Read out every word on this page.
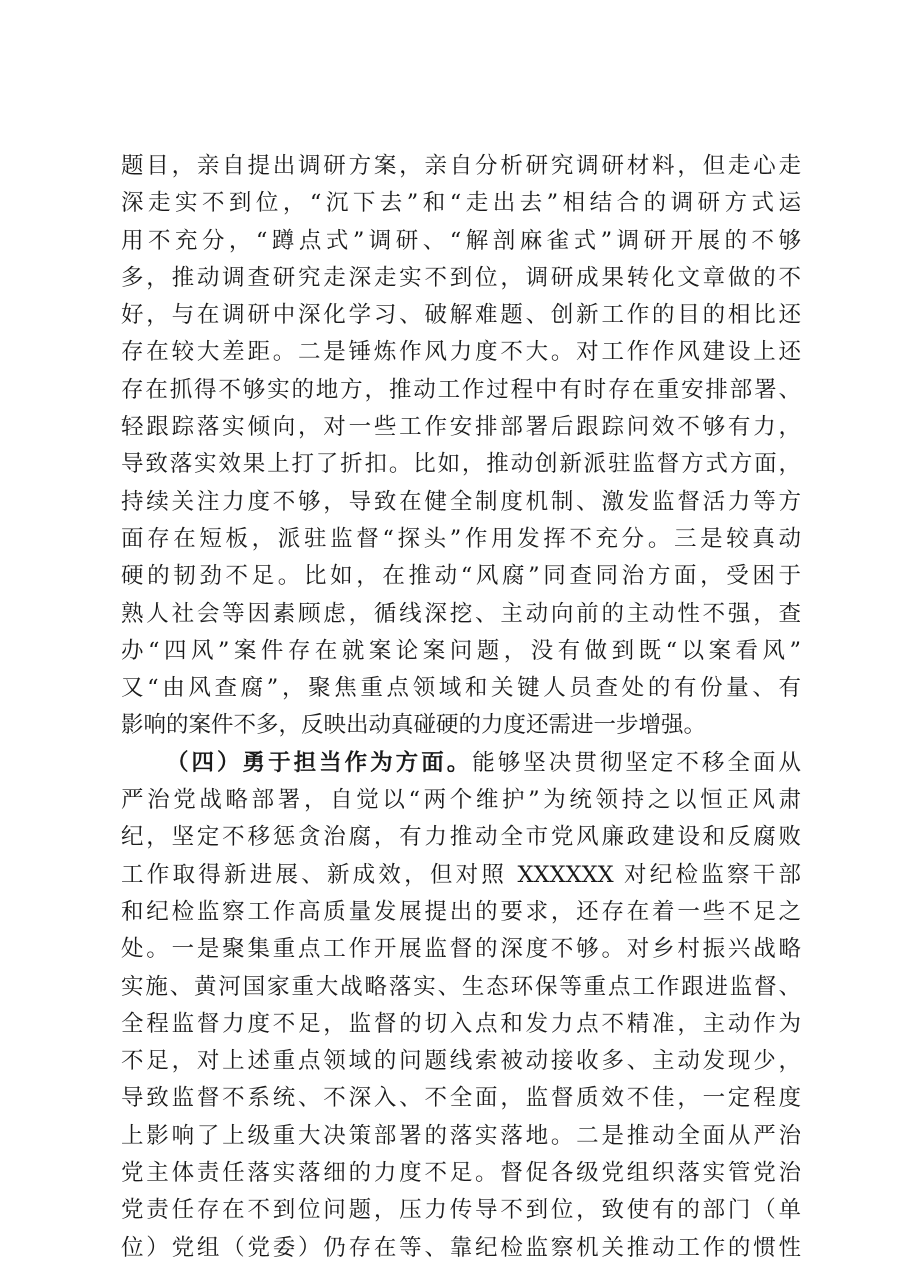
题目，亲自提出调研方案，亲自分析研究调研材料，但走心走
深走实不到位，“沉下去”和“走出去”相结合的调研方式运
用不充分，“蹲点式”调研、“解剖麻雀式”调研开展的不够
多，推动调查研究走深走实不到位，调研成果转化文章做的不
好，与在调研中深化学习、破解难题、创新工作的目的相比还
存在较大差距。二是锤炼作风力度不大。对工作作风建设上还
存在抓得不够实的地方，推动工作过程中有时存在重安排部署、
轻跟踪落实倾向，对一些工作安排部署后跟踪问效不够有力，
导致落实效果上打了折扣。比如，推动创新派驻监督方式方面，
持续关注力度不够，导致在健全制度机制、激发监督活力等方
面存在短板，派驻监督“探头”作用发挥不充分。三是较真动
硬的韧劲不足。比如，在推动“风腐”同查同治方面，受困于
熟人社会等因素顾虑，循线深挖、主动向前的主动性不强，查
办“四风”案件存在就案论案问题，没有做到既“以案看风”
又“由风查腐”，聚焦重点领域和关键人员查处的有份量、有
影响的案件不多，反映出动真碰硬的力度还需进一步增强。
（四）勇于担当作为方面。能够坚决贯彻坚定不移全面从
严治党战略部署，自觉以“两个维护”为统领持之以恒正风肃
纪，坚定不移惩贪治腐，有力推动全市党风廉政建设和反腐败
工作取得新进展、新成效，但对照 XXXXXX 对纪检监察干部
和纪检监察工作高质量发展提出的要求，还存在着一些不足之
处。一是聚集重点工作开展监督的深度不够。对乡村振兴战略
实施、黄河国家重大战略落实、生态环保等重点工作跟进监督、
全程监督力度不足，监督的切入点和发力点不精准，主动作为
不足，对上述重点领域的问题线索被动接收多、主动发现少，
导致监督不系统、不深入、不全面，监督质效不佳，一定程度
上影响了上级重大决策部署的落实落地。二是推动全面从严治
党主体责任落实落细的力度不足。督促各级党组织落实管党治
党责任存在不到位问题，压力传导不到位，致使有的部门（单
位）党组（党委）仍存在等、靠纪检监察机关推动工作的惯性
